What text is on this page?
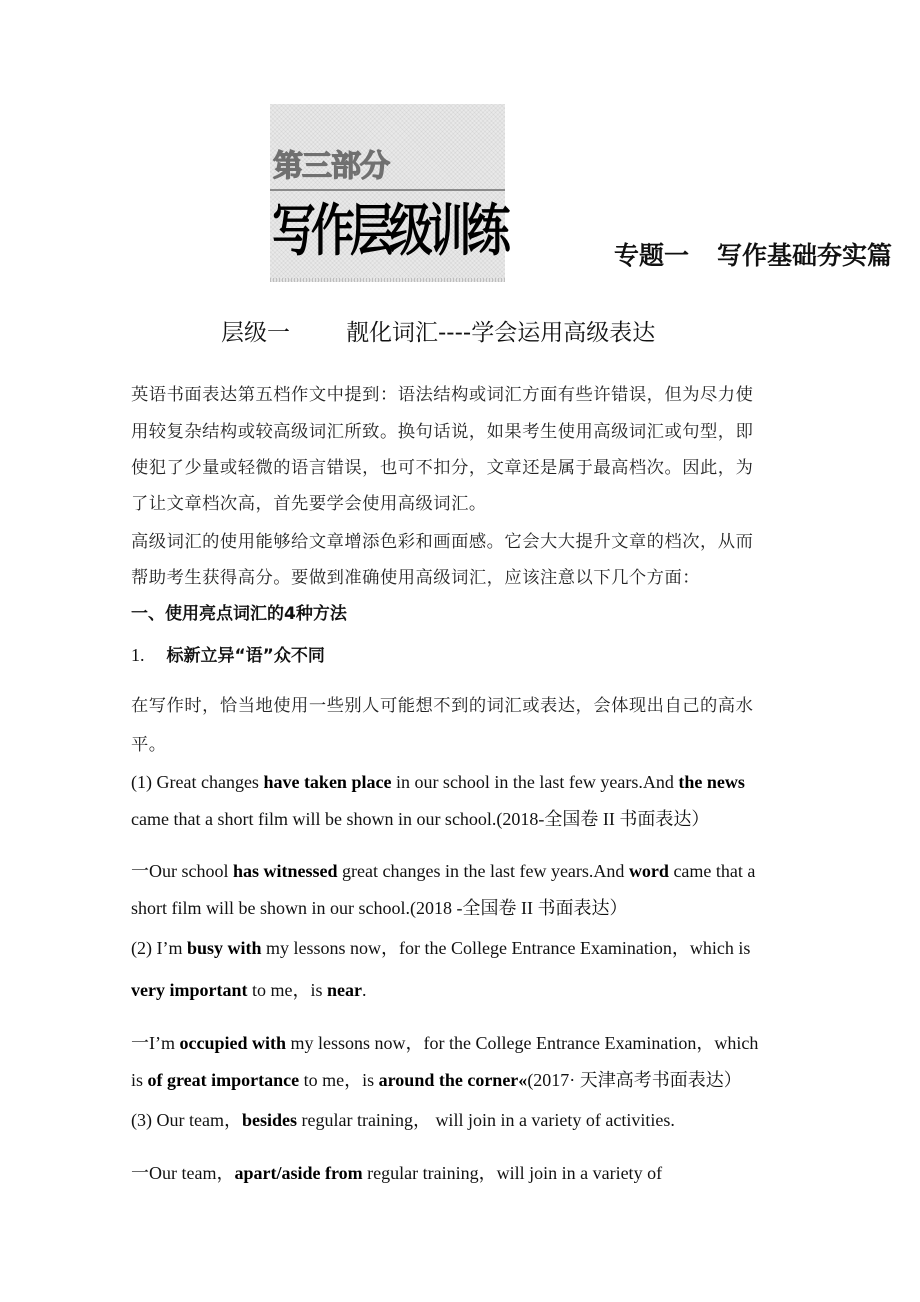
第三部分
写作层级训练	专题一 写作基础夯实篇
层级一 靓化词汇----学会运用高级表达
英语书面表达第五档作文中提到：语法结构或词汇方面有些许错误，但为尽力使
用较复杂结构或较高级词汇所致。换句话说，如果考生使用高级词汇或句型，即
使犯了少量或轻微的语言错误，也可不扣分，文章还是属于最高档次。因此，为
了让文章档次高，首先要学会使用高级词汇。
高级词汇的使用能够给文章增添色彩和画面感。它会大大提升文章的档次，从而
帮助考生获得高分。要做到准确使用高级词汇，应该注意以下几个方面：
一、使用亮点词汇的4种方法
1. 标新立异“语”众不同
在写作时，恰当地使用一些别人可能想不到的词汇或表达，会体现出自己的高水
平。
(1) Great changes have taken place in our school in the last few years.And the news
came that a short film will be shown in our school.(2018-全国卷 II 书面表达）
一Our school has witnessed great changes in the last few years.And word came that a
short film will be shown in our school.(2018 -全国卷 II 书面表达）
(2) I’m busy with my lessons now，for the College Entrance Examination，which is
very important to me，is near.
一I’m occupied with my lessons now，for the College Entrance Examination，which
is of great importance to me，is around the corner«(2017· 天津高考书面表达）
(3) Our team，besides regular training， will join in a variety of activities.
一Our team，apart/aside from regular training，will join in a variety of
